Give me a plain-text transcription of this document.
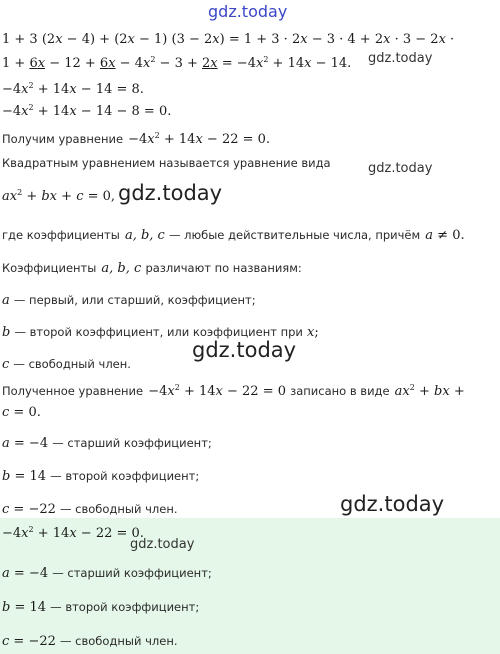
1 + 3 (2x − 4) + (2x − 1) (3 − 2x) = 1 + 3 · 2x − 3 · 4 + 2x · 3 − 2x ·
$1 + 6x - 12 + 6x - 4x^2 - 3 + 2x = -4x^2 + 14x - 14$.
$-4x^2 + 14x - 14 = 8$.
$-4x^2 + 14x - 14 - 8 = 0$.
Получим уравнение $-4x^2 + 14x - 22 = 0$.
Квадратным уравнением называется уравнение вида
$ax^2$ + bx + c = 0,
где коэффициенты a, b, c — любые действительные числа, причём a ≠ 0.
Коэффициенты a, b, c различают по названиям:
a — первый, или старший, коэффициент;
b — второй коэффициент, или коэффициент при x;
c — свободный член.
Полученное уравнение $-4x^2 + 14x - 22 = 0$ записано в виде $ax^2$ + bx +
c = 0.
a = −4 — старший коэффициент;
b = 14 — второй коэффициент;
c = −22 — свободный член.
$-4x^2 + 14x - 22 = 0$.
a = −4 — старший коэффициент;
b = 14 — второй коэффициент;
c = −22 — свободный член.
gdz.today
gdz.today
gdz.today
gdz.today
gdz.today
gdz.today
gdz.today
